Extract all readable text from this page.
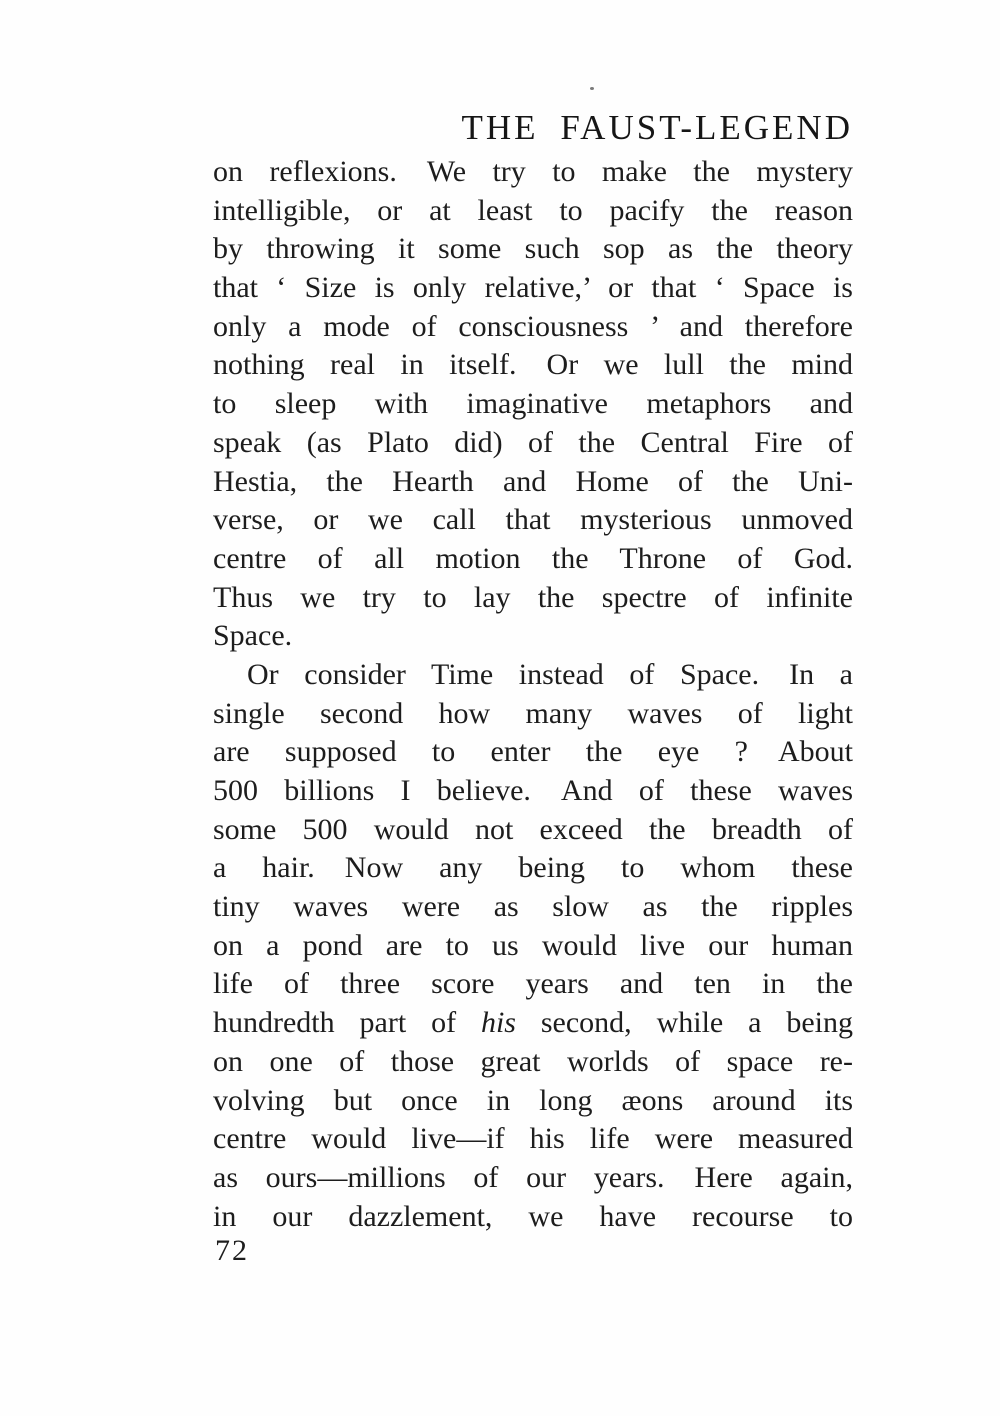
THE FAUST-LEGEND
on reflexions. We try to make the mystery
intelligible, or at least to pacify the reason
by throwing it some such sop as the theory
that ‘ Size is only relative,’ or that ‘ Space is
only a mode of consciousness ’ and therefore
nothing real in itself. Or we lull the mind
to sleep with imaginative metaphors and
speak (as Plato did) of the Central Fire of
Hestia, the Hearth and Home of the Uni-
verse, or we call that mysterious unmoved
centre of all motion the Throne of God.
Thus we try to lay the spectre of infinite
Space.
Or consider Time instead of Space. In a
single second how many waves of light
are supposed to enter the eye ? About
500 billions I believe. And of these waves
some 500 would not exceed the breadth of
a hair. Now any being to whom these
tiny waves were as slow as the ripples
on a pond are to us would live our human
life of three score years and ten in the
hundredth part of his second, while a being
on one of those great worlds of space re-
volving but once in long æons around its
centre would live—if his life were measured
as ours—millions of our years. Here again,
in our dazzlement, we have recourse to
72
